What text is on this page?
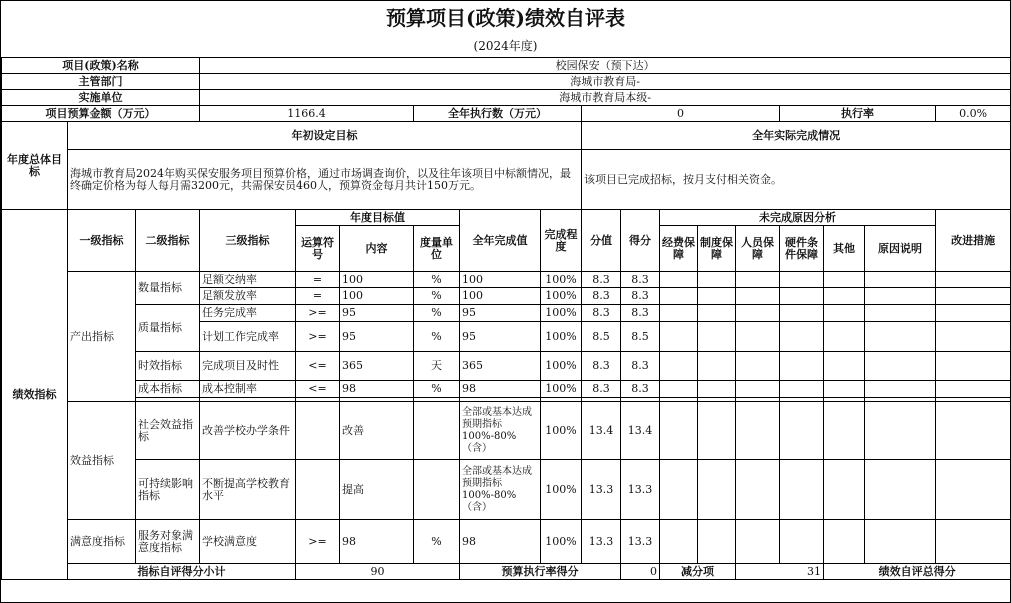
预算项目(政策)绩效自评表
(2024年度)
项目(政策)名称			校园保安（预下达）															
主管部门			海城市教育局-															
实施单位			海城市教育局本级-															
项目预算金额（万元）			1166.4			全年执行数（万元）			0					执行率			0.0%	
年度总体目标	年初设定目标								全年实际完成情况									
	海城市教育局2024年购买保安服务项目预算价格，通过市场调查询价，以及往年该项目中标额情况，最终确定价格为每人每月需3200元，共需保安员460人，预算资金每月共计150万元。								该项目已完成招标，按月支付相关资金。									
绩效指标	一级指标	二级指标	三级指标	年度目标值			全年完成值	完成程度	分值	得分	未完成原因分析						改进措施	
				运算符号	内容	度量单位					经费保障	制度保障	人员保障	硬件条件保障	其他	原因说明		
	产出指标	数量指标	足额交纳率	=	100	%	100	100%	8.3	8.3								
			足额发放率	=	100	%	100	100%	8.3	8.3								
		质量指标	任务完成率	>=	95	%	95	100%	8.3	8.3								
			计划工作完成率	>=	95	%	95	100%	8.5	8.5								
		时效指标	完成项目及时性	<=	365	天	365	100%	8.3	8.3								
		成本指标	成本控制率	<=	98	%	98	100%	8.3	8.3								

	效益指标	社会效益指标	改善学校办学条件		改善		全部或基本达成预期指标100%-80%（含）	100%	13.4	13.4								
		可持续影响指标	不断提高学校教育水平		提高		全部或基本达成预期指标100%-80%（含）	100%	13.3	13.3								
	满意度指标	服务对象满意度指标	学校满意度	>=	98	%	98	100%	13.3	13.3								
	指标自评得分小计			90			预算执行率得分			0	减分项		31		绩效自评总得分	
